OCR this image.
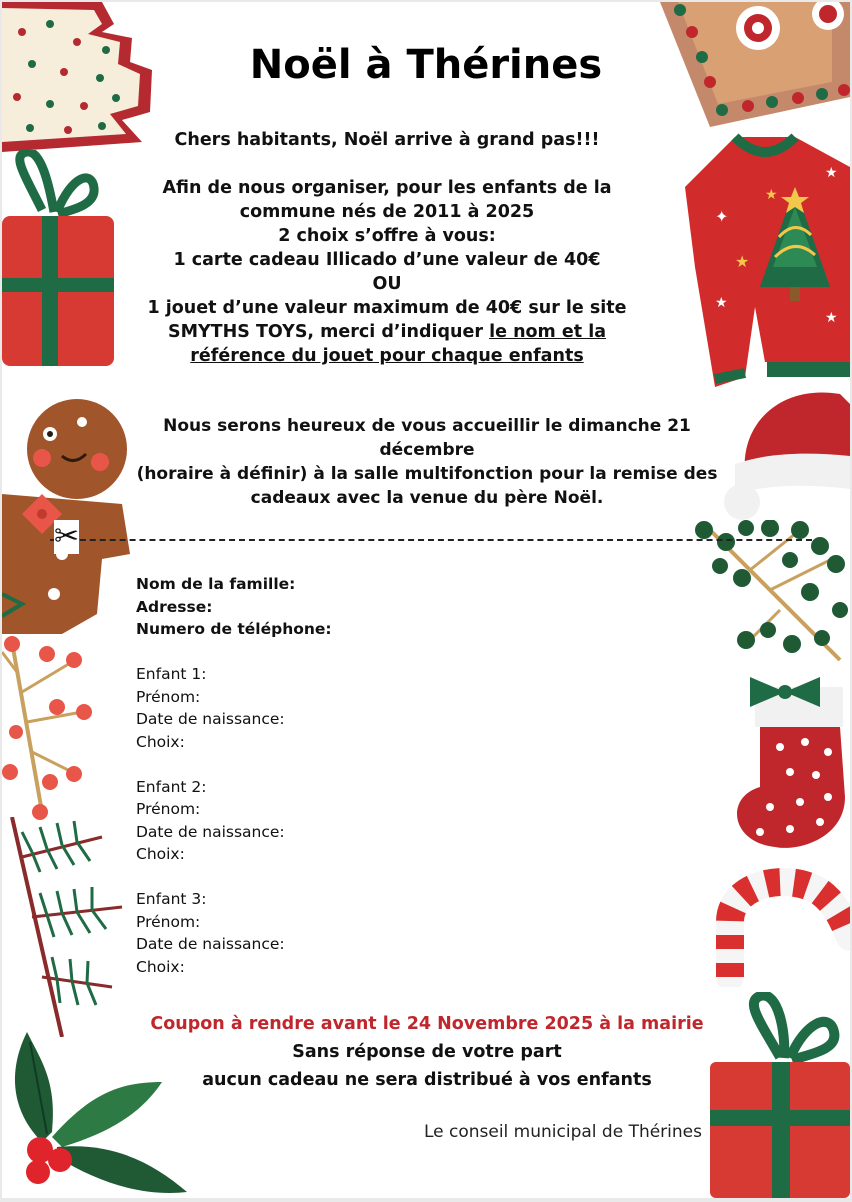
✦
★
★
★
★
★
Noël à Thérines
Chers habitants, Noël arrive à grand pas!!!
Afin de nous organiser, pour les enfants de la
commune nés de 2011 à 2025
2 choix s’offre à vous:
1 carte cadeau Illicado d’une valeur de 40€
OU
1 jouet d’une valeur maximum de 40€ sur le site
SMYTHS TOYS, merci d’indiquer le nom et la
référence du jouet pour chaque enfants
Nous serons heureux de vous accueillir le dimanche 21 décembre
(horaire à définir) à la salle multifonction pour la remise des
cadeaux avec la venue du père Noël.
✂
Nom de la famille:
Adresse:
Numero de téléphone:
Enfant 1:
Prénom:
Date de naissance:
Choix:
Enfant 2:
Prénom:
Date de naissance:
Choix:
Enfant 3:
Prénom:
Date de naissance:
Choix:
Coupon à rendre avant le 24 Novembre 2025 à la mairie
Sans réponse de votre part
aucun cadeau ne sera distribué à vos enfants
Le conseil municipal de Thérines
